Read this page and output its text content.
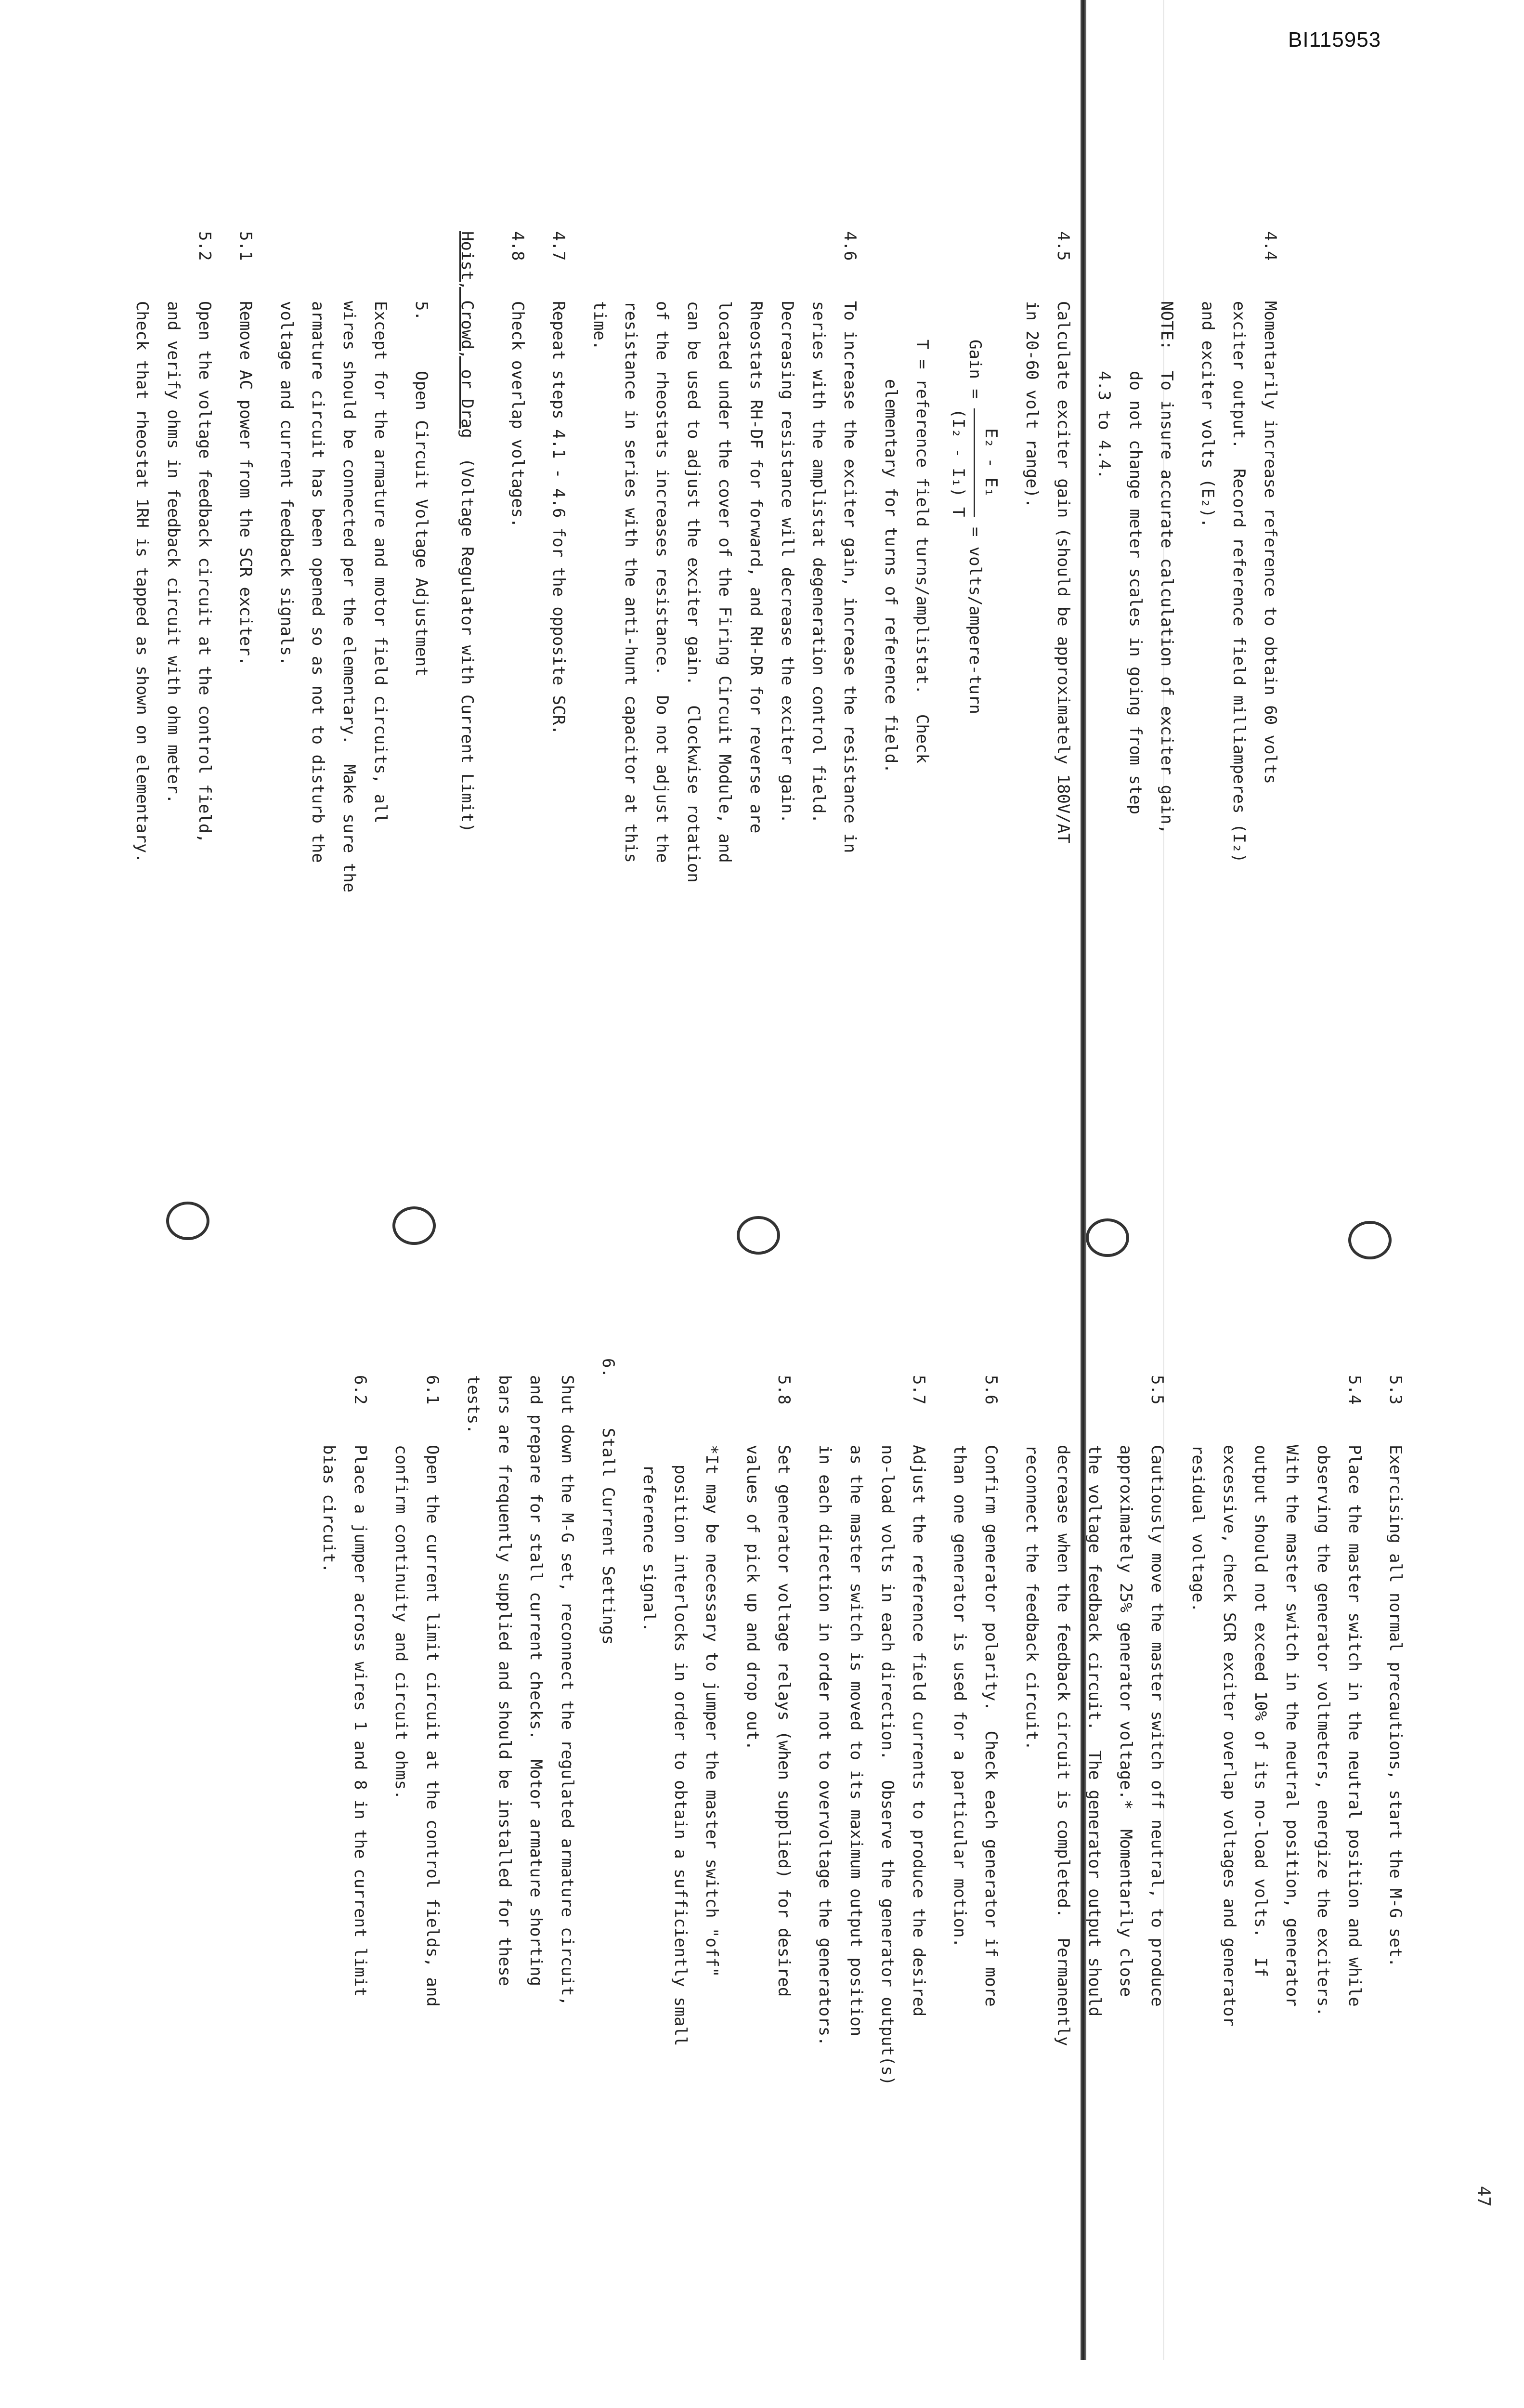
BI115953
4.4

Momentarily increase reference to obtain 60 volts

exciter output.  Record reference field milliamperes (I₂)

and exciter volts (E₂).

NOTE:

To insure accurate calculation of exciter gain,

do not change meter scales in going from step

4.3 to 4.4.

4.5

Calculate exciter gain (should be approximately 180V/AT

in 20-60 volt range).

Gain =
E₂ - E₁
(I₂ - I₁) T
= volts/ampere-turn

T = reference field turns/amplistat.  Check

elementary for turns of reference field.

4.6

To increase the exciter gain, increase the resistance in

series with the amplistat degeneration control field.

Decreasing resistance will decrease the exciter gain.

Rheostats RH-DF for forward, and RH-DR for reverse are

located under the cover of the Firing Circuit Module, and

can be used to adjust the exciter gain.  Clockwise rotation

of the rheostats increases resistance.  Do not adjust the

resistance in series with the anti-hunt capacitor at this

time.

4.7

Repeat steps 4.1 - 4.6 for the opposite SCR.

4.8

Check overlap voltages.

Hoist, Crowd, or Drag  (Voltage Regulator with Current Limit)

5.

Open Circuit Voltage Adjustment

Except for the armature and motor field circuits, all

wires should be connected per the elementary.  Make sure the

armature circuit has been opened so as not to disturb the

voltage and current feedback signals.

5.1

Remove AC power from the SCR exciter.

5.2

Open the voltage feedback circuit at the control field,

and verify ohms in feedback circuit with ohm meter.

Check that rheostat 1RH is tapped as shown on elementary.

5.3

Exercising all normal precautions, start the M-G set.

5.4

Place the master switch in the neutral position and while

observing the generator voltmeters, energize the exciters.

With the master switch in the neutral position, generator

output should not exceed 10% of its no-load volts.  If

excessive, check SCR exciter overlap voltages and generator

residual voltage.

5.5

Cautiously move the master switch off neutral, to produce

approximately 25% generator voltage.*  Momentarily close

the voltage feedback circuit.  The generator output should

decrease when the feedback circuit is completed.  Permanently

reconnect the feedback circuit.

5.6

Confirm generator polarity.  Check each generator if more

than one generator is used for a particular motion.

5.7

Adjust the reference field currents to produce the desired

no-load volts in each direction.  Observe the generator output(s)

as the master switch is moved to its maximum output position

in each direction in order not to overvoltage the generators.

5.8

Set generator voltage relays (when supplied) for desired

values of pick up and drop out.

*It may be necessary to jumper the master switch "off"

position interlocks in order to obtain a sufficiently small

reference signal.

6.

Stall Current Settings

Shut down the M-G set, reconnect the regulated armature circuit,

and prepare for stall current checks.  Motor armature shorting

bars are frequently supplied and should be installed for these

tests.

6.1

Open the current limit circuit at the control fields, and

confirm continuity and circuit ohms.

6.2

Place a jumper across wires 1 and 8 in the current limit

bias circuit.

47
